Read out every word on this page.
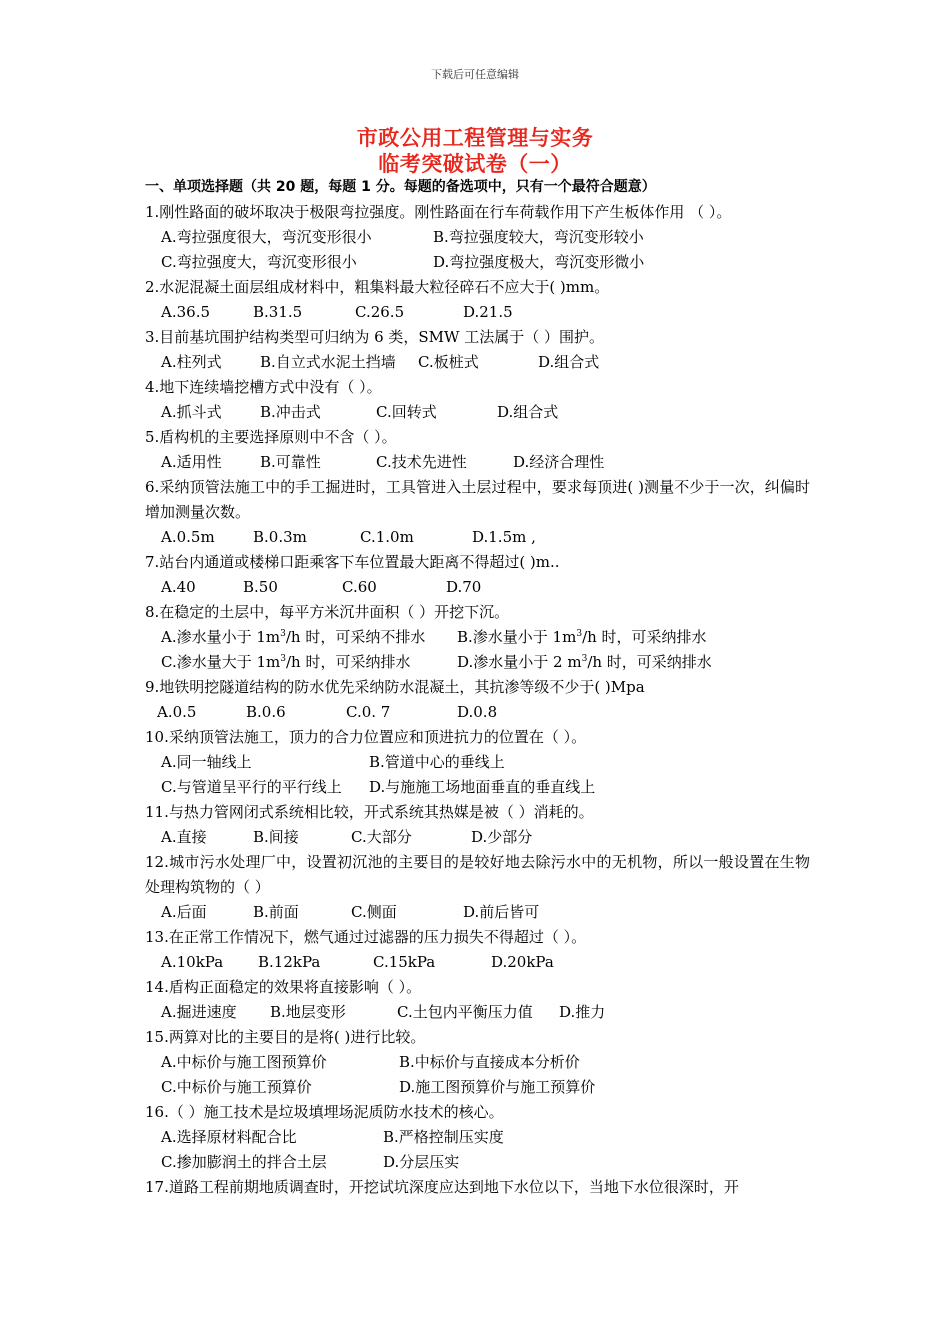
下载后可任意编辑
市政公用工程管理与实务
临考突破试卷（一）
一、单项选择题（共 20 题，每题 1 分。每题的备选项中，只有一个最符合题意）
1.刚性路面的破坏取决于极限弯拉强度。刚性路面在行车荷载作用下产生板体作用 （ ）。
A.弯拉强度很大，弯沉变形很小	B.弯拉强度较大，弯沉变形较小
C.弯拉强度大，弯沉变形很小	D.弯拉强度极大，弯沉变形微小
2.水泥混凝土面层组成材料中，粗集料最大粒径碎石不应大于( )mm。
A.36.5	B.31.5	C.26.5	D.21.5
3.目前基坑围护结构类型可归纳为 6 类，SMW 工法属于（ ）围护。
A.柱列式	B.自立式水泥土挡墙 C.板桩式	D.组合式
4.地下连续墙挖槽方式中没有（ ）。
A.抓斗式	B.冲击式	C.回转式	D.组合式
5.盾构机的主要选择原则中不含（ ）。
A.适用性	B.可靠性	C.技术先进性	D.经济合理性
6.采纳顶管法施工中的手工掘进时，工具管进入土层过程中，要求每顶进( )测量不少于一次，纠偏时增加测量次数。
A.0.5m	B.0.3m	C.1.0m	D.1.5m ,
7.站台内通道或楼梯口距乘客下车位置最大距离不得超过( )m..
A.40	B.50	C.60	D.70
8.在稳定的土层中，每平方米沉井面积（ ）开挖下沉。
A.渗水量小于 $1m^3/h$ 时，可采纳不排水 B.渗水量小于 $1m^3/h$ 时，可采纳排水
C.渗水量大于 $1m^3/h$ 时，可采纳排水	D.渗水量小于 2 $m^3/h$ 时，可采纳排水
9.地铁明挖隧道结构的防水优先采纳防水混凝土，其抗渗等级不少于( )Mpa
A.0.5	B.0.6	C.0. 7	D.0.8
10.采纳顶管法施工，顶力的合力位置应和顶进抗力的位置在（ ）。
A.同一轴线上	B.管道中心的垂线上
C.与管道呈平行的平行线上 D.与施施工场地面垂直的垂直线上
11.与热力管网闭式系统相比较，开式系统其热媒是被（ ）消耗的。
A.直接	B.间接	C.大部分	D.少部分
12.城市污水处理厂中，设置初沉池的主要目的是较好地去除污水中的无机物，所以一般设置在生物处理构筑物的（ ）
A.后面	B.前面	C.侧面	D.前后皆可
13.在正常工作情况下，燃气通过过滤器的压力损失不得超过（ ）。
A.10kPa B.12kPa	C.15kPa	D.20kPa
14.盾构正面稳定的效果将直接影响（ ）。
A.掘进速度 B.地层变形	C.土包内平衡压力值 D.推力
15.两算对比的主要目的是将( )进行比较。
A.中标价与施工图预算价	B.中标价与直接成本分析价
C.中标价与施工预算价	D.施工图预算价与施工预算价
16.（ ）施工技术是垃圾填埋场泥质防水技术的核心。
A.选择原材料配合比	B.严格控制压实度
C.掺加膨润土的拌合土层	D.分层压实
17.道路工程前期地质调查时，开挖试坑深度应达到地下水位以下，当地下水位很深时，开
